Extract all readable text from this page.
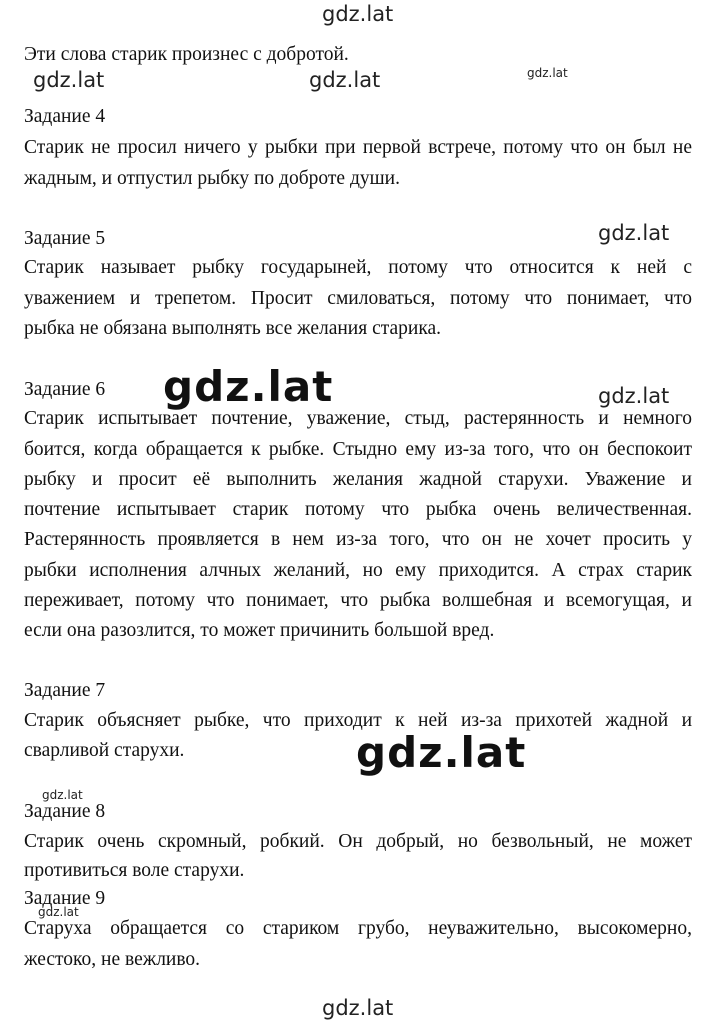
Эти слова старик произнес с добротой.
Задание 4
Старик не просил ничего у рыбки при первой встрече, потому что он был не
жадным, и отпустил рыбку по доброте души.
Задание 5
Старик называет рыбку государыней, потому что относится к ней с
уважением и трепетом. Просит смиловаться, потому что понимает, что
рыбка не обязана выполнять все желания старика.
Задание 6
Старик испытывает почтение, уважение, стыд, растерянность и немного
боится, когда обращается к рыбке. Стыдно ему из-за того, что он беспокоит
рыбку и просит её выполнить желания жадной старухи. Уважение и
почтение испытывает старик потому что рыбка очень величественная.
Растерянность проявляется в нем из-за того, что он не хочет просить у
рыбки исполнения алчных желаний, но ему приходится. А страх старик
переживает, потому что понимает, что рыбка волшебная и всемогущая, и
если она разозлится, то может причинить большой вред.
Задание 7
Старик объясняет рыбке, что приходит к ней из-за прихотей жадной и
сварливой старухи.
Задание 8
Старик очень скромный, робкий. Он добрый, но безвольный, не может
противиться воле старухи.
Задание 9
Старуха обращается со стариком грубо, неуважительно, высокомерно,
жестоко, не вежливо.
gdz.lat
gdz.lat	gdz.lat	gdz.lat
gdz.lat
gdz.lat	gdz.lat
gdz.lat
gdz.lat
gdz.lat
gdz.lat
